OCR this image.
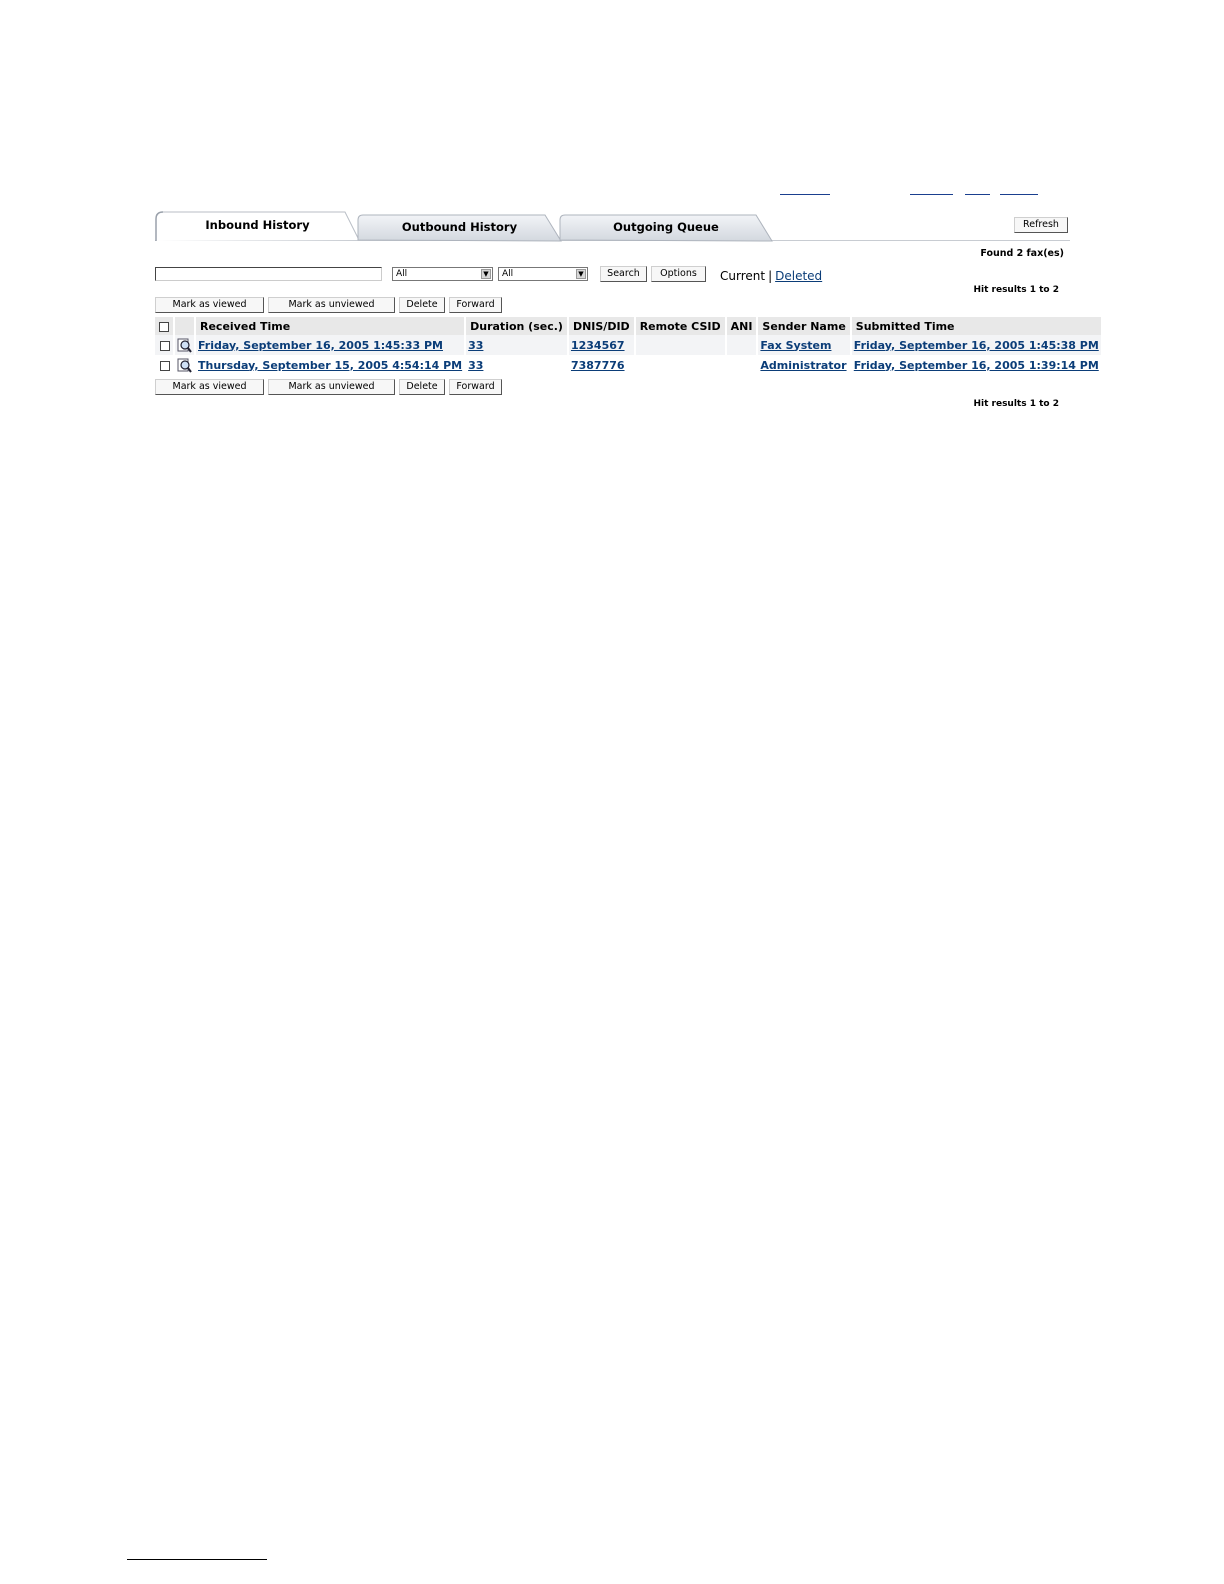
Inbound History	Outbound History	Outgoing Queue	Refresh
Found 2 fax(es)
All	▼	All	▼	Search	Options	Current | Deleted
Hit results 1 to 2
Mark as viewed	Mark as unviewed	Delete	Forward
		Received Time	Duration (sec.)	DNIS/DID	Remote CSID	ANI	Sender Name	Submitted Time
		Friday, September 16, 2005 1:45:33 PM	33	1234567			Fax System	Friday, September 16, 2005 1:45:38 PM
		Thursday, September 15, 2005 4:54:14 PM	33	7387776			Administrator	Friday, September 16, 2005 1:39:14 PM
Mark as viewed	Mark as unviewed	Delete	Forward
Hit results 1 to 2
